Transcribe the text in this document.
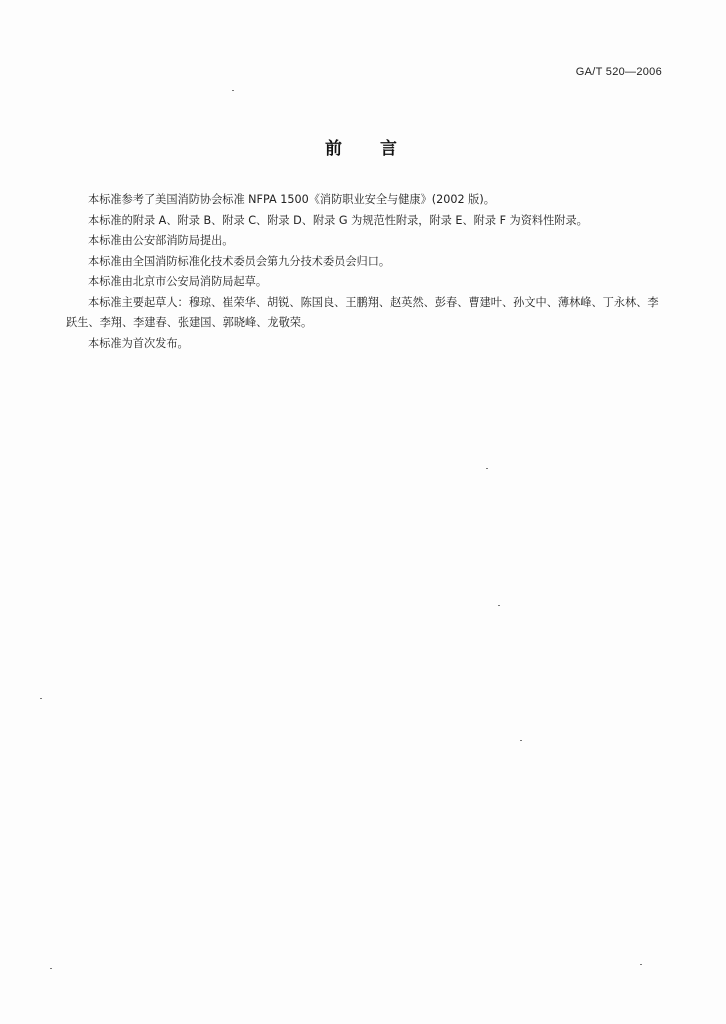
GA/T 520—2006
前言

本标准参考了美国消防协会标准 NFPA 1500《消防职业安全与健康》(2002 版)。

本标准的附录 A、附录 B、附录 C、附录 D、附录 G 为规范性附录，附录 E、附录 F 为资料性附录。

本标准由公安部消防局提出。

本标准由全国消防标准化技术委员会第九分技术委员会归口。

本标准由北京市公安局消防局起草。

本标准主要起草人：穆琼、崔荣华、胡锐、陈国良、王鹏翔、赵英然、彭春、曹建叶、孙文中、薄林峰、丁永林、李跃生、李翔、李建春、张建国、郭晓峰、龙敬荣。

本标准为首次发布。
